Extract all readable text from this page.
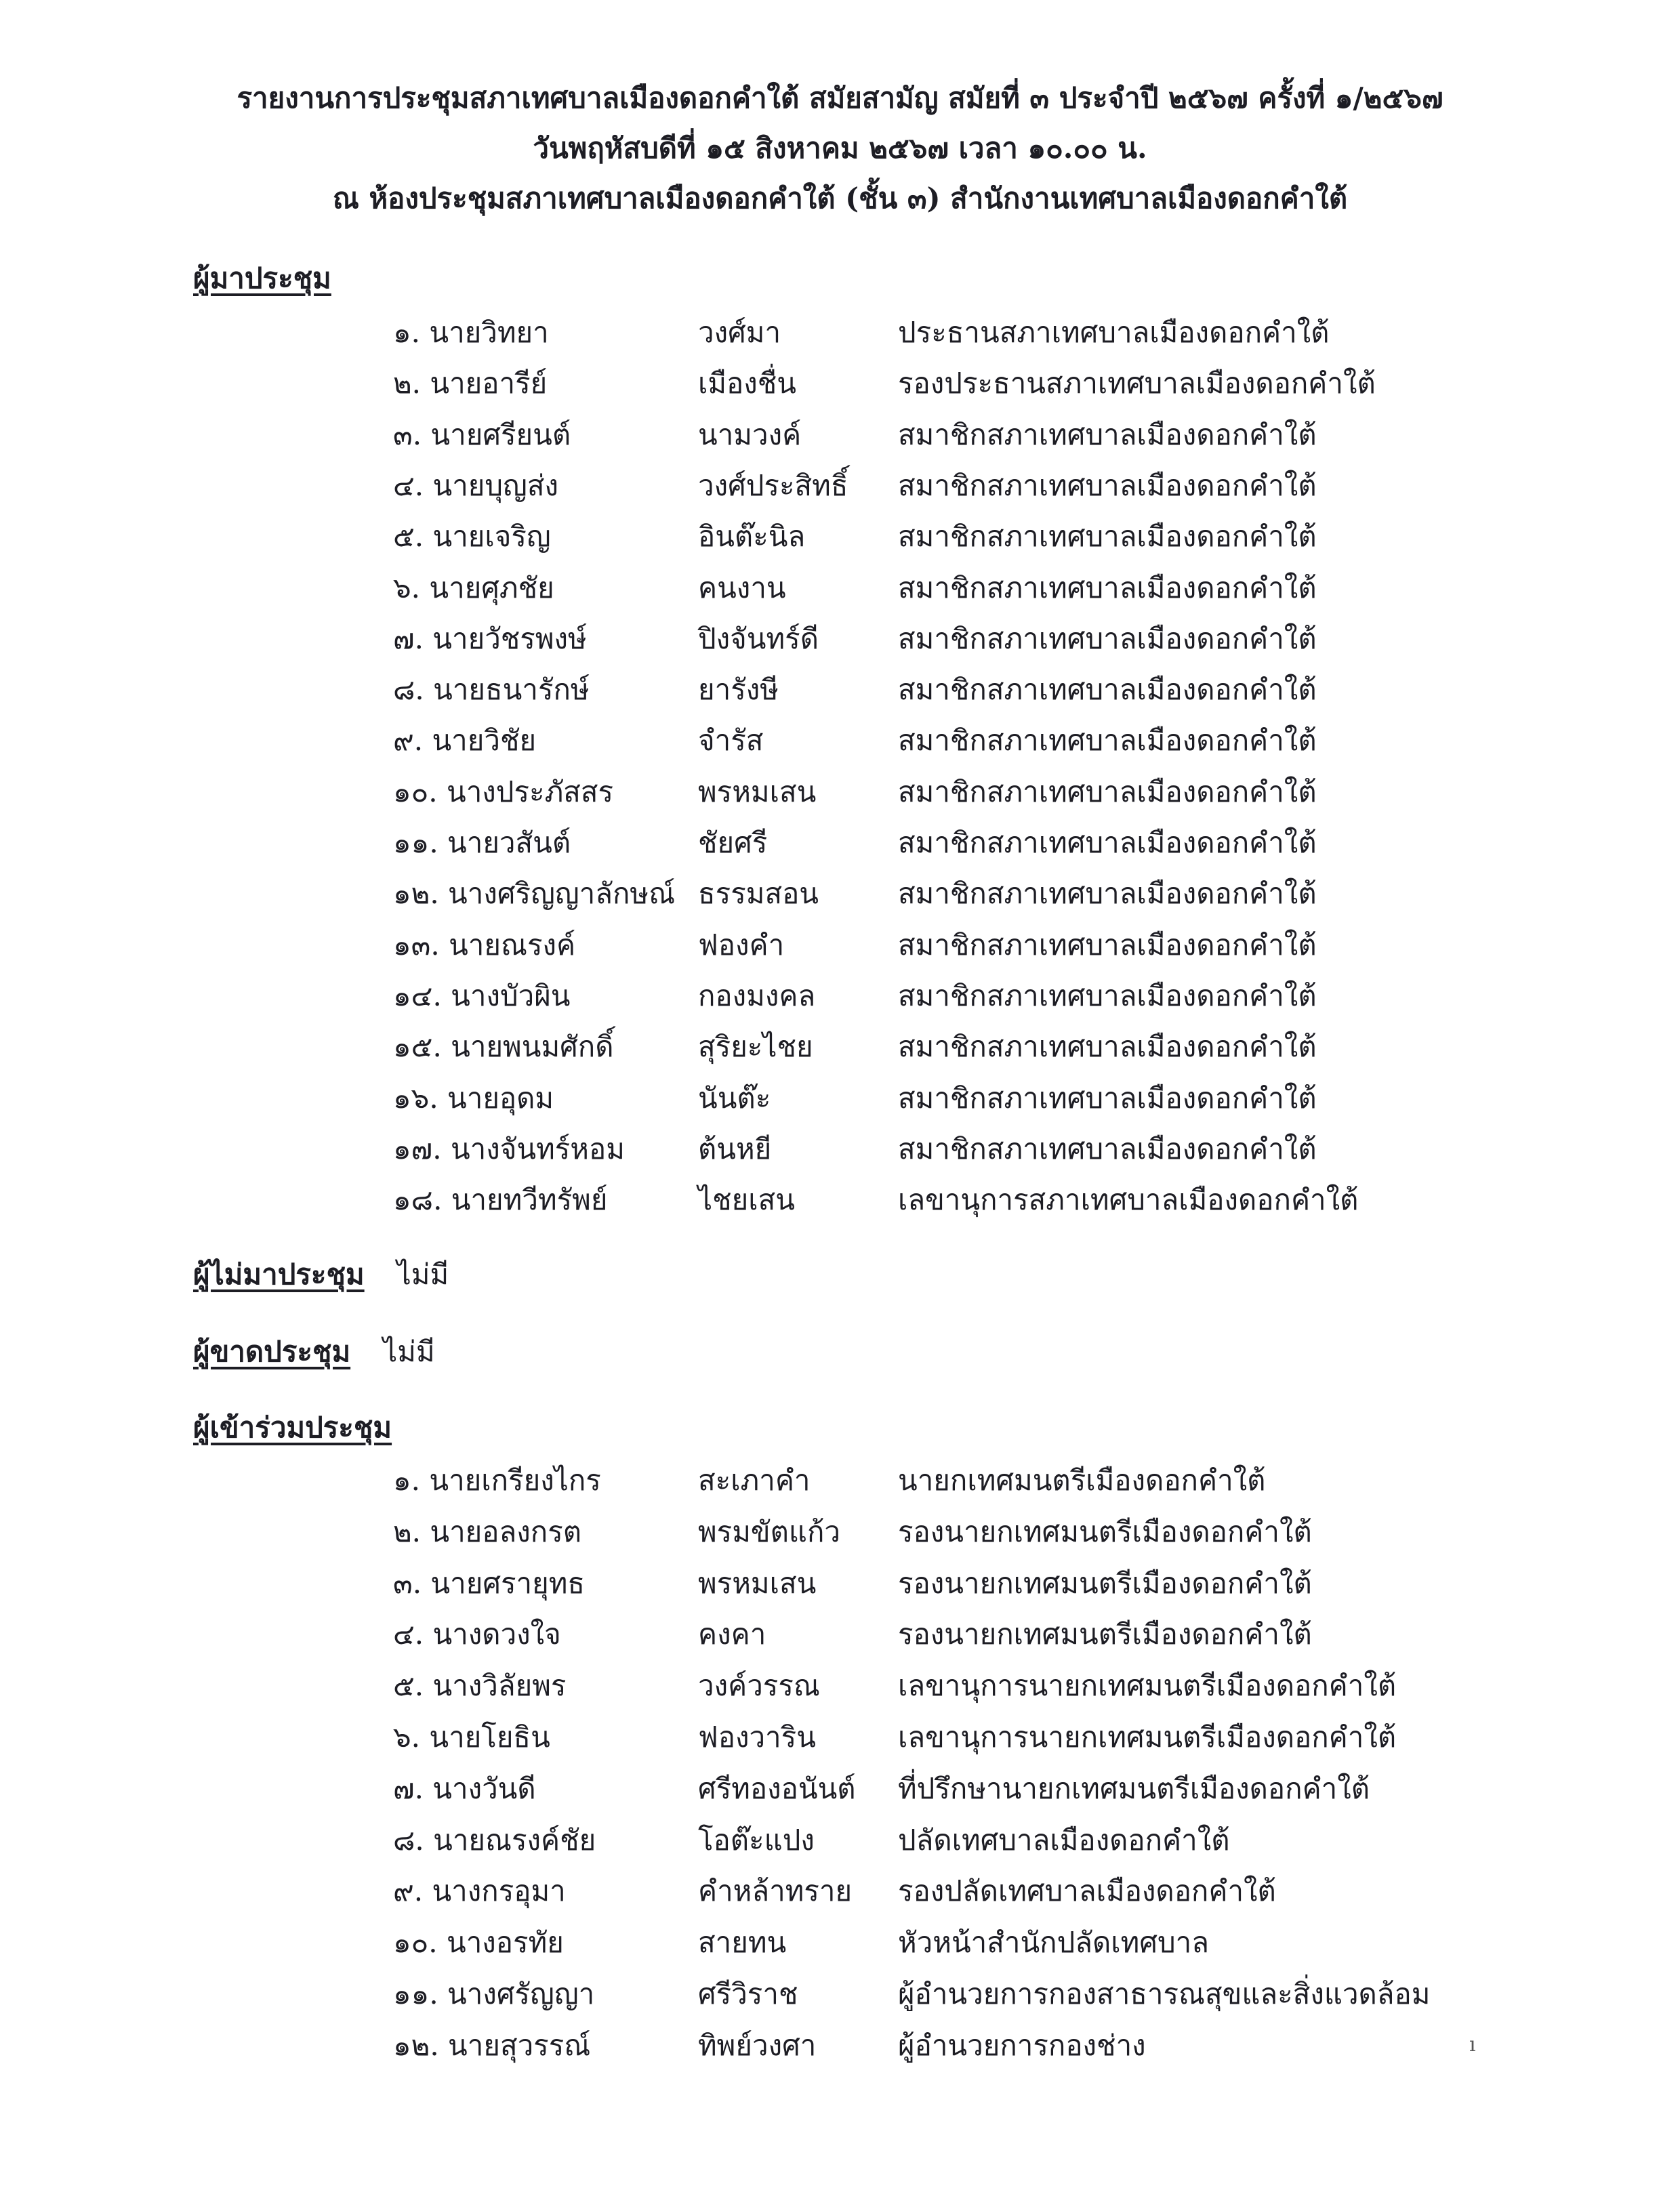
รายงานการประชุมสภาเทศบาลเมืองดอกคำใต้ สมัยสามัญ สมัยที่ ๓ ประจำปี ๒๕๖๗ ครั้งที่ ๑/๒๕๖๗
วันพฤหัสบดีที่ ๑๕ สิงหาคม ๒๕๖๗ เวลา ๑๐.๐๐ น.
ณ ห้องประชุมสภาเทศบาลเมืองดอกคำใต้ (ชั้น ๓) สำนักงานเทศบาลเมืองดอกคำใต้
ผู้มาประชุม
๑. นายวิทยา	วงศ์มา	ประธานสภาเทศบาลเมืองดอกคำใต้
๒. นายอารีย์	เมืองชื่น	รองประธานสภาเทศบาลเมืองดอกคำใต้
๓. นายศรียนต์	นามวงค์	สมาชิกสภาเทศบาลเมืองดอกคำใต้
๔. นายบุญส่ง	วงศ์ประสิทธิ์ สมาชิกสภาเทศบาลเมืองดอกคำใต้
๕. นายเจริญ	อินต๊ะนิล	สมาชิกสภาเทศบาลเมืองดอกคำใต้
๖. นายศุภชัย	คนงาน	สมาชิกสภาเทศบาลเมืองดอกคำใต้
๗. นายวัชรพงษ์	ปิงจันทร์ดี	สมาชิกสภาเทศบาลเมืองดอกคำใต้
๘. นายธนารักษ์	ยารังษี	สมาชิกสภาเทศบาลเมืองดอกคำใต้
๙. นายวิชัย	จำรัส	สมาชิกสภาเทศบาลเมืองดอกคำใต้
๑๐. นางประภัสสร	พรหมเสน	สมาชิกสภาเทศบาลเมืองดอกคำใต้
๑๑. นายวสันต์	ชัยศรี	สมาชิกสภาเทศบาลเมืองดอกคำใต้
๑๒. นางศริญญาลักษณ์ ธรรมสอน	สมาชิกสภาเทศบาลเมืองดอกคำใต้
๑๓. นายณรงค์	ฟองคำ	สมาชิกสภาเทศบาลเมืองดอกคำใต้
๑๔. นางบัวผิน	กองมงคล	สมาชิกสภาเทศบาลเมืองดอกคำใต้
๑๕. นายพนมศักดิ์	สุริยะไชย	สมาชิกสภาเทศบาลเมืองดอกคำใต้
๑๖. นายอุดม	นันต๊ะ	สมาชิกสภาเทศบาลเมืองดอกคำใต้
๑๗. นางจันทร์หอม	ต้นหยี	สมาชิกสภาเทศบาลเมืองดอกคำใต้
๑๘. นายทวีทรัพย์	ไชยเสน	เลขานุการสภาเทศบาลเมืองดอกคำใต้
ผู้ไม่มาประชุม ไม่มี
ผู้ขาดประชุม ไม่มี
ผู้เข้าร่วมประชุม
๑. นายเกรียงไกร	สะเภาคำ	นายกเทศมนตรีเมืองดอกคำใต้
๒. นายอลงกรต	พรมขัตแก้ว รองนายกเทศมนตรีเมืองดอกคำใต้
๓. นายศรายุทธ	พรหมเสน	รองนายกเทศมนตรีเมืองดอกคำใต้
๔. นางดวงใจ	คงคา	รองนายกเทศมนตรีเมืองดอกคำใต้
๕. นางวิลัยพร	วงค์วรรณ	เลขานุการนายกเทศมนตรีเมืองดอกคำใต้
๖. นายโยธิน	ฟองวาริน	เลขานุการนายกเทศมนตรีเมืองดอกคำใต้
๗. นางวันดี	ศรีทองอนันต์ ที่ปรึกษานายกเทศมนตรีเมืองดอกคำใต้
๘. นายณรงค์ชัย	โอต๊ะแปง	ปลัดเทศบาลเมืองดอกคำใต้
๙. นางกรอุมา	คำหล้าทราย รองปลัดเทศบาลเมืองดอกคำใต้
๑๐. นางอรทัย	สายทน	หัวหน้าสำนักปลัดเทศบาล
๑๑. นางศรัญญา	ศรีวิราช	ผู้อำนวยการกองสาธารณสุขและสิ่งแวดล้อม
๑๒. นายสุวรรณ์	ทิพย์วงศา	ผู้อำนวยการกองช่าง	ı
